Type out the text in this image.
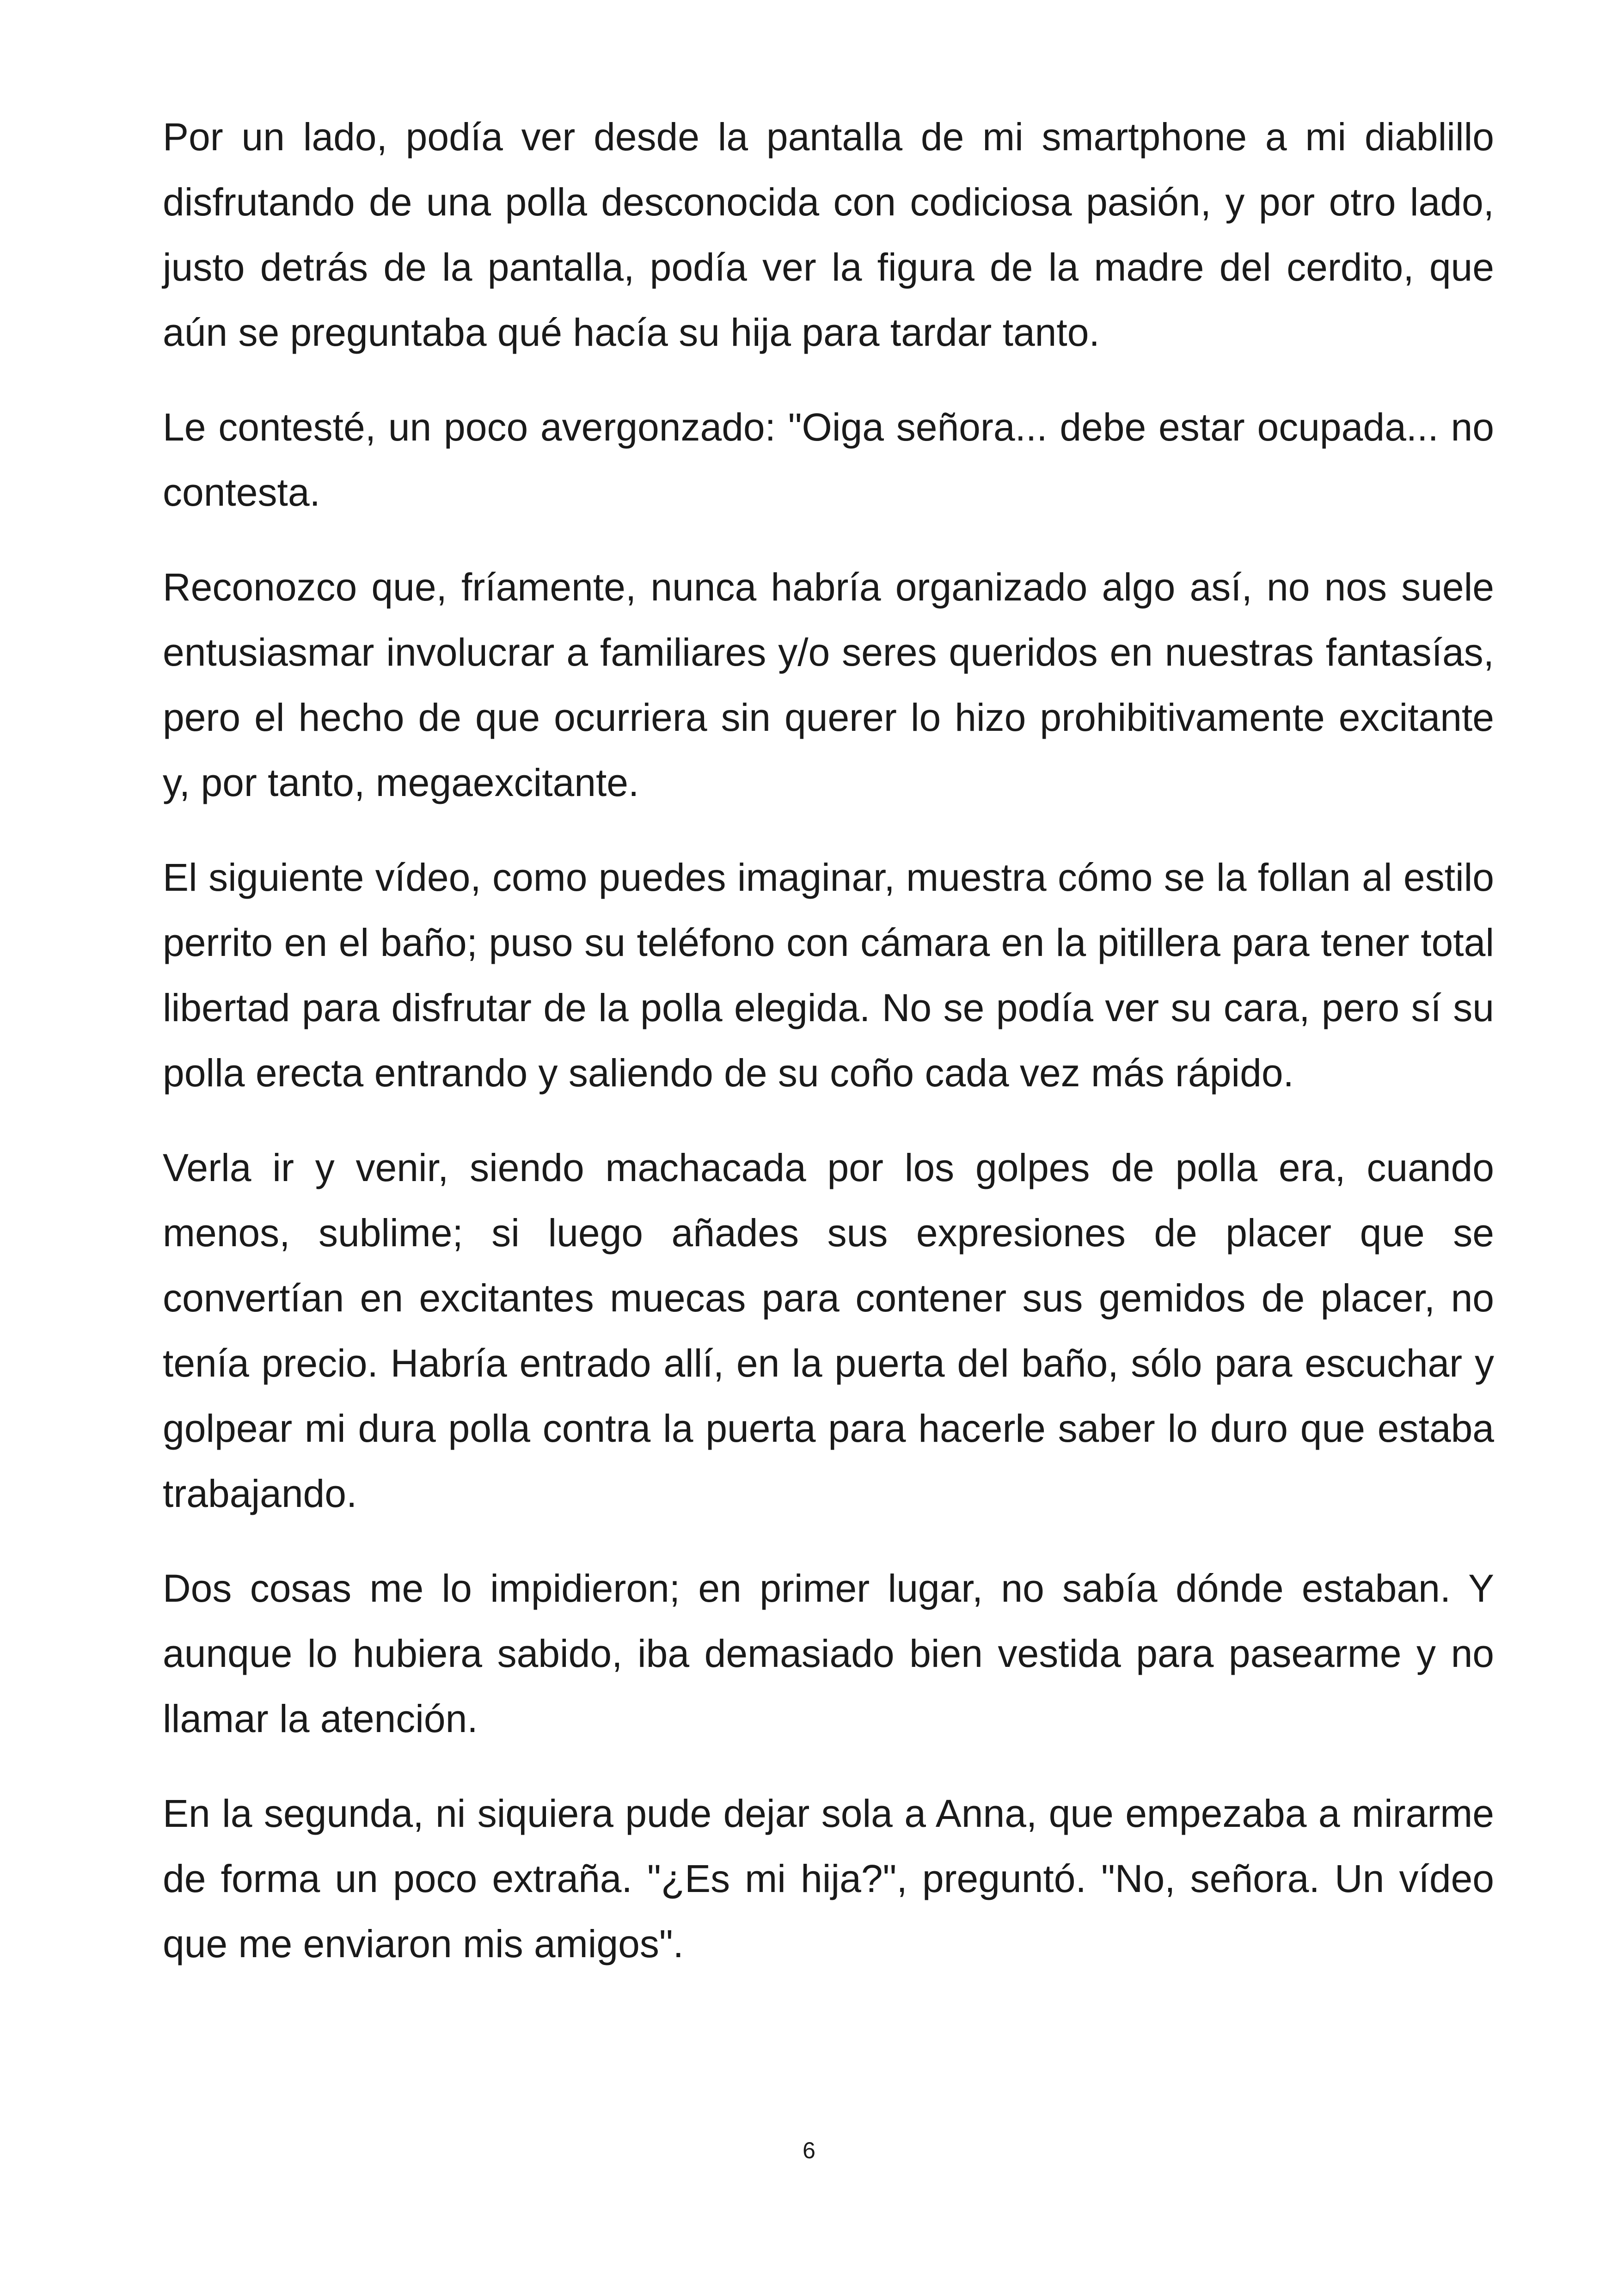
Por un lado, podía ver desde la pantalla de mi smartphone a mi diablillo disfrutando de una polla desconocida con codiciosa pasión, y por otro lado, justo detrás de la pantalla, podía ver la figura de la madre del cerdito, que aún se preguntaba qué hacía su hija para tardar tanto.

Le contesté, un poco avergonzado: "Oiga señora... debe estar ocupada... no contesta.

Reconozco que, fríamente, nunca habría organizado algo así, no nos suele entusiasmar involucrar a familiares y/o seres queridos en nuestras fantasías, pero el hecho de que ocurriera sin querer lo hizo prohibitivamente excitante y, por tanto, megaexcitante.

El siguiente vídeo, como puedes imaginar, muestra cómo se la follan al estilo perrito en el baño; puso su teléfono con cámara en la pitillera para tener total libertad para disfrutar de la polla elegida. No se podía ver su cara, pero sí su polla erecta entrando y saliendo de su coño cada vez más rápido.

Verla ir y venir, siendo machacada por los golpes de polla era, cuando menos, sublime; si luego añades sus expresiones de placer que se convertían en excitantes muecas para contener sus gemidos de placer, no tenía precio. Habría entrado allí, en la puerta del baño, sólo para escuchar y golpear mi dura polla contra la puerta para hacerle saber lo duro que estaba trabajando.

Dos cosas me lo impidieron; en primer lugar, no sabía dónde estaban. Y aunque lo hubiera sabido, iba demasiado bien vestida para pasearme y no llamar la atención.

En la segunda, ni siquiera pude dejar sola a Anna, que empezaba a mirarme de forma un poco extraña. "¿Es mi hija?", preguntó. "No, señora. Un vídeo que me enviaron mis amigos".

6
